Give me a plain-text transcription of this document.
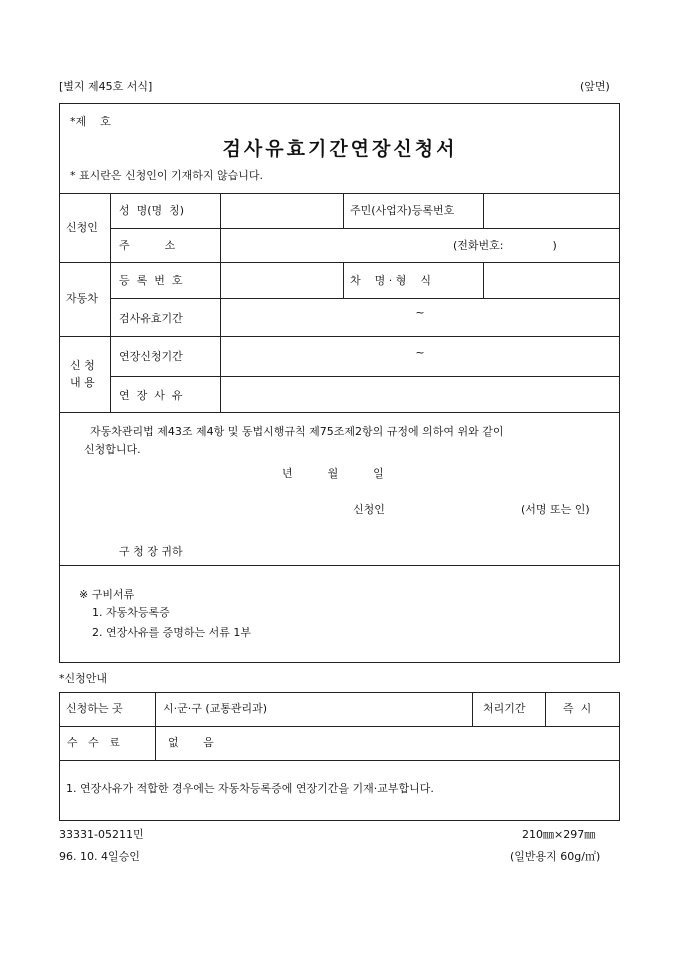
[별지 제45호 서식]	(앞면)
*제    호
검사유효기간연장신청서
* 표시란은 신청인이 기재하지 않습니다.
신청인
성  명(명  칭)	주민(사업자)등록번호
주          소	(전화번호:              )
자동차
등  록  번  호	차    명 · 형    식
검사유효기간	~
신 청
내 용
연장신청기간	~
연  장  사  유
자동차관리법 제43조 제4항 및 동법시행규칙 제75조제2항의 규정에 의하여 위와 같이
신청합니다.
년          월          일
신청인	(서명 또는 인)
구 청 장 귀하
※ 구비서류
1. 자동차등록증
2. 연장사유를 증명하는 서류 1부
*신청안내
신청하는 곳	시·군·구 (교통관리과)	처리기간	즉  시
수   수   료	없       음
1. 연장사유가 적합한 경우에는 자동차등록증에 연장기간을 기재·교부합니다.
33331-05211민
96. 10. 4일승인
210㎜×297㎜
(일반용지 60g/㎡)
